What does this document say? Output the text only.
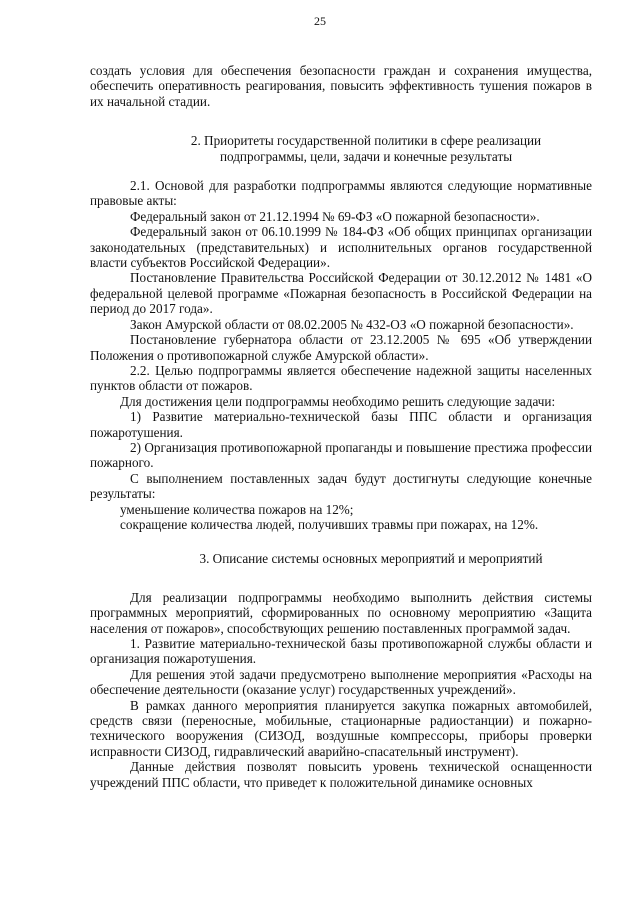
25

создать условия для обеспечения безопасности граждан и сохранения имущества, обеспечить оперативность реагирования, повысить эффективность тушения пожаров в их начальной стадии.

2. Приоритеты государственной политики в сфере реализации
подпрограммы, цели, задачи и конечные результаты

2.1. Основой для разработки подпрограммы являются следующие нормативные правовые акты:

Федеральный закон от 21.12.1994 № 69-ФЗ «О пожарной безопасности».

Федеральный закон от 06.10.1999 № 184-ФЗ «Об общих принципах организации законодательных (представительных) и исполнительных органов государственной власти субъектов Российской Федерации».

Постановление Правительства Российской Федерации от 30.12.2012 № 1481 «О федеральной целевой программе «Пожарная безопасность в Российской Федерации на период до 2017 года».

Закон Амурской области от 08.02.2005 № 432-ОЗ «О пожарной безопасности».

Постановление губернатора области от 23.12.2005 № 695 «Об утверждении Положения о противопожарной службе Амурской области».

2.2. Целью подпрограммы является обеспечение надежной защиты населенных пунктов области от пожаров.

Для достижения цели подпрограммы необходимо решить следующие задачи:

1) Развитие материально-технической базы ППС области и организация пожаротушения.

2) Организация противопожарной пропаганды и повышение престижа профессии пожарного.

С выполнением поставленных задач будут достигнуты следующие конечные результаты:

уменьшение количества пожаров на 12%;

сокращение количества людей, получивших травмы при пожарах, на 12%.

3. Описание системы основных мероприятий и мероприятий

Для реализации подпрограммы необходимо выполнить действия системы программных мероприятий, сформированных по основному мероприятию «Защита населения от пожаров», способствующих решению поставленных программой задач.

1. Развитие материально-технической базы противопожарной службы области и организация пожаротушения.

Для решения этой задачи предусмотрено выполнение мероприятия «Расходы на обеспечение деятельности (оказание услуг) государственных учреждений».

В рамках данного мероприятия планируется закупка пожарных автомобилей, средств связи (переносные, мобильные, стационарные радиостанции) и пожарно-технического вооружения (СИЗОД, воздушные компрессоры, приборы проверки исправности СИЗОД, гидравлический аварийно-спасательный инструмент).

Данные действия позволят повысить уровень технической оснащенности учреждений ППС области, что приведет к положительной динамике основных
